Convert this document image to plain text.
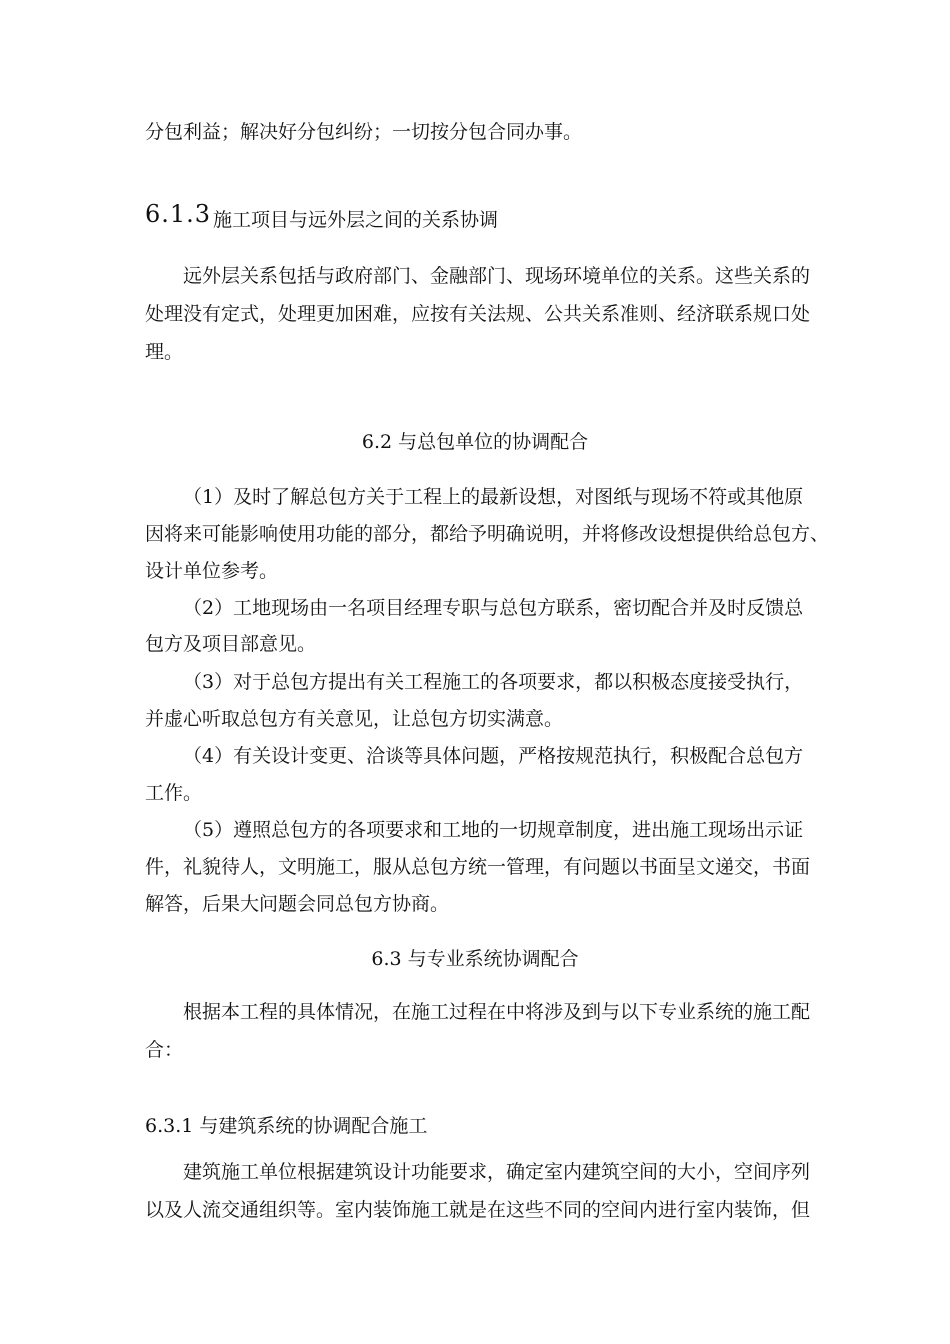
分包利益；解决好分包纠纷；一切按分包合同办事。
6.1.3 施工项目与远外层之间的关系协调
远外层关系包括与政府部门、金融部门、现场环境单位的关系。这些关系的
处理没有定式，处理更加困难，应按有关法规、公共关系准则、经济联系规口处
理。
6.2 与总包单位的协调配合
（1）及时了解总包方关于工程上的最新设想，对图纸与现场不符或其他原
因将来可能影响使用功能的部分，都给予明确说明，并将修改设想提供给总包方、
设计单位参考。
（2）工地现场由一名项目经理专职与总包方联系，密切配合并及时反馈总
包方及项目部意见。
（3）对于总包方提出有关工程施工的各项要求，都以积极态度接受执行，
并虚心听取总包方有关意见，让总包方切实满意。
（4）有关设计变更、洽谈等具体问题，严格按规范执行，积极配合总包方
工作。
（5）遵照总包方的各项要求和工地的一切规章制度，进出施工现场出示证
件，礼貌待人，文明施工，服从总包方统一管理，有问题以书面呈文递交，书面
解答，后果大问题会同总包方协商。
6.3 与专业系统协调配合
根据本工程的具体情况，在施工过程在中将涉及到与以下专业系统的施工配
合：
6.3.1 与建筑系统的协调配合施工
建筑施工单位根据建筑设计功能要求，确定室内建筑空间的大小，空间序列
以及人流交通组织等。室内装饰施工就是在这些不同的空间内进行室内装饰，但
